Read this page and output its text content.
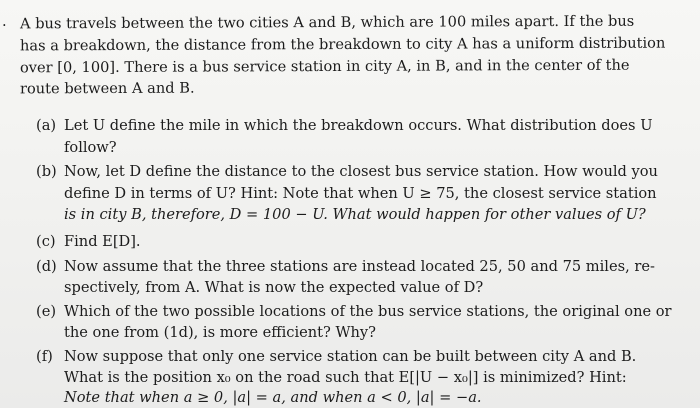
. A bus travels between the two cities A and B, which are 100 miles apart. If the bus
has a breakdown, the distance from the breakdown to city A has a uniform distribution
over [0, 100]. There is a bus service station in city A, in B, and in the center of the
route between A and B.
(a) Let U define the mile in which the breakdown occurs. What distribution does U
follow?
(b) Now, let D define the distance to the closest bus service station. How would you
define D in terms of U? Hint: Note that when U ≥ 75, the closest service station
is in city B, therefore, D = 100 − U. What would happen for other values of U?
(c) Find E[D].
(d) Now assume that the three stations are instead located 25, 50 and 75 miles, re-
spectively, from A. What is now the expected value of D?
(e) Which of the two possible locations of the bus service stations, the original one or
the one from (1d), is more efficient? Why?
(f) Now suppose that only one service station can be built between city A and B.
What is the position x₀ on the road such that E[|U − x₀|] is minimized? Hint:
Note that when a ≥ 0, |a| = a, and when a < 0, |a| = −a.
